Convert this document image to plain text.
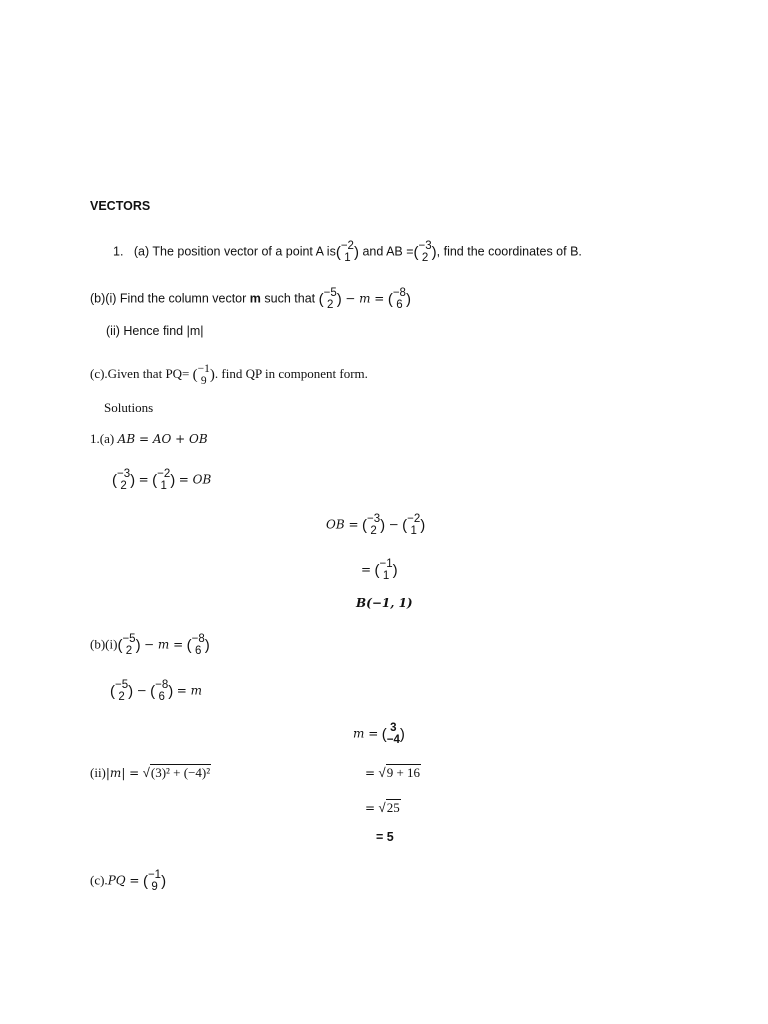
VECTORS
1. (a) The position vector of a point A is( −2
1 ) and AB =( −3
2 ), find the coordinates of B.
(b)(i) Find the column vector m such that ( −5
2 ) − m = ( −8
6 )
(ii) Hence find |m|
(c).Given that PQ= ( −1
9 ). find QP in component form.
Solutions
1.(a) AB = AO + OB
( −3
2 ) = ( −2
1 ) = OB
OB = ( −3
2 ) − ( −2
1 )
= ( −1
1 )
B(−1, 1)
(b)(i)( −5
2 ) − m = ( −8
6 )
( −5
2 ) − ( −8
6 ) = m
m = ( 3
−4 )
(ii)|m| = √(3)² + (−4)²	= √9 + 16
= √25
= 5
(c).PQ = ( −1
9 )
